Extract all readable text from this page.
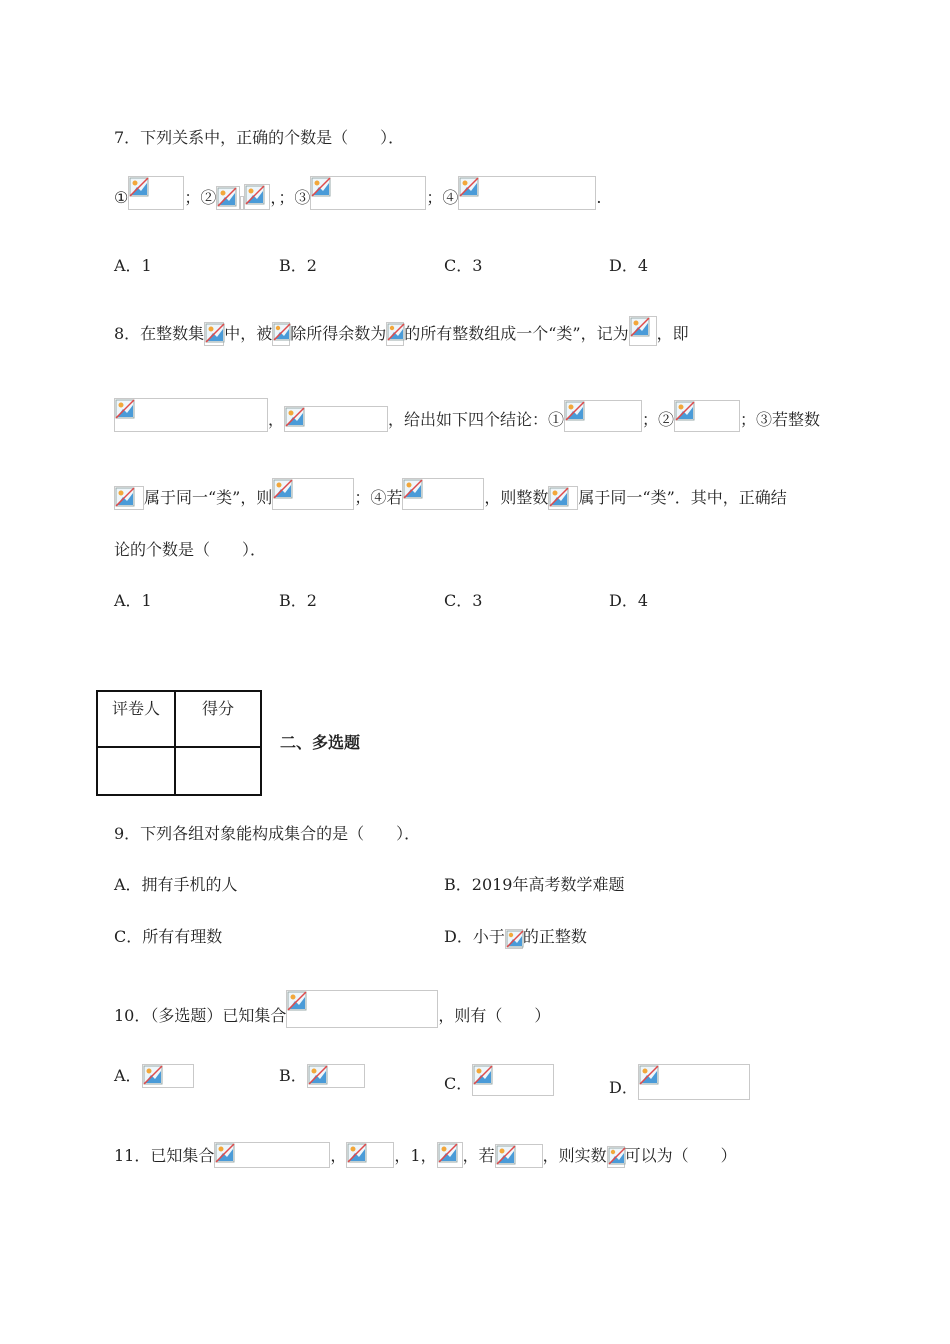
7．下列关系中，正确的个数是（　　）．
①	；②	，；③	；④	.
A．1	B．2	C．3	D．4
8．在整数集 中，被 除所得余数为 的所有整数组成一个“类”，记为 ，即
，	，给出如下四个结论：①	；②	；③若整数
属于同一“类”，则	；④若	，则整数 属于同一“类”．其中，正确结
论的个数是（　　）．
A．1	B．2	C．3	D．4
评卷人	得分
二、多选题
9．下列各组对象能构成集合的是（　　）．
A．拥有手机的人	B．2019年高考数学难题
C．所有有理数	D．小于 的正整数
10．（多选题）已知集合	，则有（　　）
A．	B．	C．	D．
11．已知集合	，	，1， ，若	，则实数 可以为（　　）
